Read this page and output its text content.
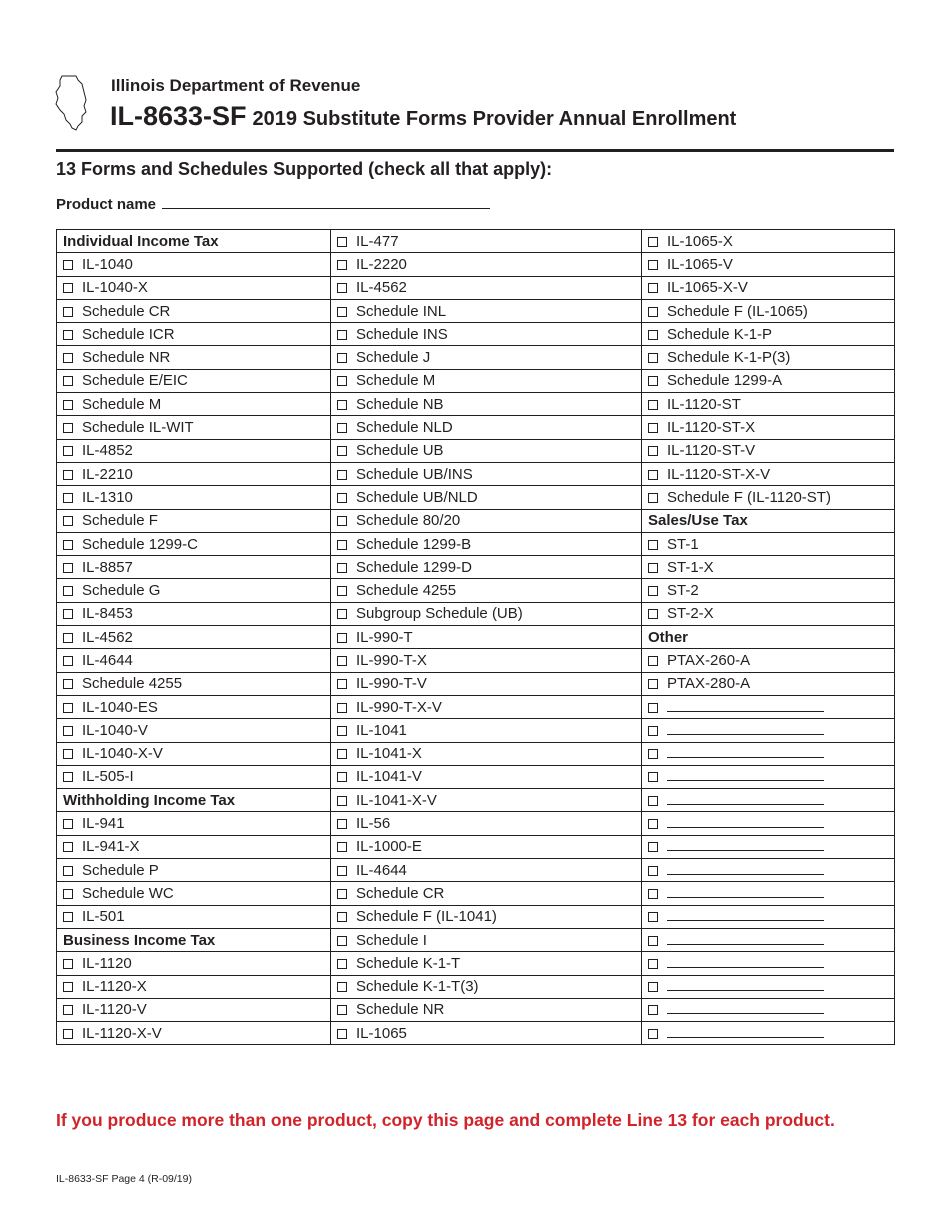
Illinois Department of Revenue
IL-8633-SF 2019 Substitute Forms Provider Annual Enrollment
13 Forms and Schedules Supported (check all that apply):
Product name
Individual Income Tax	IL-477	IL-1065-X
IL-1040	IL-2220	IL-1065-V
IL-1040-X	IL-4562	IL-1065-X-V
Schedule CR	Schedule INL	Schedule F (IL-1065)
Schedule ICR	Schedule INS	Schedule K-1-P
Schedule NR	Schedule J	Schedule K-1-P(3)
Schedule E/EIC	Schedule M	Schedule 1299-A
Schedule M	Schedule NB	IL-1120-ST
Schedule IL-WIT	Schedule NLD	IL-1120-ST-X
IL-4852	Schedule UB	IL-1120-ST-V
IL-2210	Schedule UB/INS	IL-1120-ST-X-V
IL-1310	Schedule UB/NLD	Schedule F (IL-1120-ST)
Schedule F	Schedule 80/20	Sales/Use Tax
Schedule 1299-C	Schedule 1299-B	ST-1
IL-8857	Schedule 1299-D	ST-1-X
Schedule G	Schedule 4255	ST-2
IL-8453	Subgroup Schedule (UB)	ST-2-X
IL-4562	IL-990-T	Other
IL-4644	IL-990-T-X	PTAX-260-A
Schedule 4255	IL-990-T-V	PTAX-280-A
IL-1040-ES	IL-990-T-X-V	
IL-1040-V	IL-1041	
IL-1040-X-V	IL-1041-X	
IL-505-I	IL-1041-V	
Withholding Income Tax	IL-1041-X-V	
IL-941	IL-56	
IL-941-X	IL-1000-E	
Schedule P	IL-4644	
Schedule WC	Schedule CR	
IL-501	Schedule F (IL-1041)	
Business Income Tax	Schedule I	
IL-1120	Schedule K-1-T	
IL-1120-X	Schedule K-1-T(3)	
IL-1120-V	Schedule NR	
IL-1120-X-V	IL-1065	
If you produce more than one product, copy this page and complete Line 13 for each product.
IL-8633-SF Page 4 (R-09/19)
